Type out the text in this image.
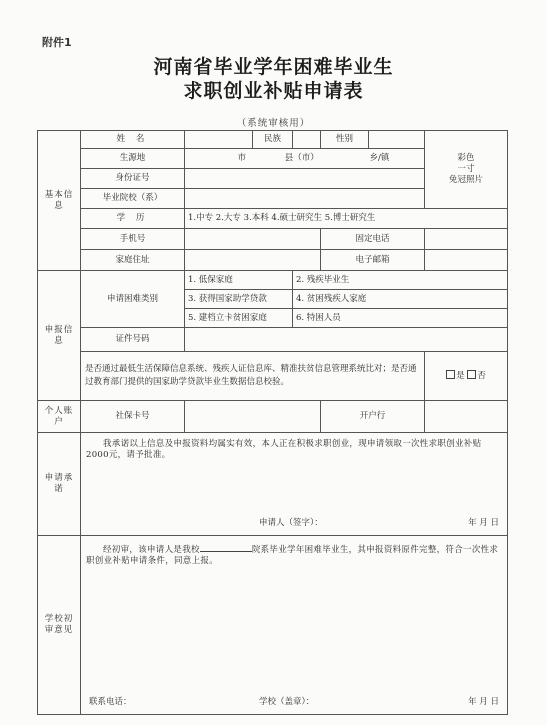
附件1
河南省毕业学年困难毕业生
求职创业补贴申请表
（系统审核用）
基本信息	姓 名		民族		性别		彩色
一寸
免冠照片

	生源地	市 县（市） 乡/镇					
	身份证号						
	毕业院校（系）						
	学 历	1.中专 2.大专 3.本科 4.硕士研究生 5.博士研究生					
	手机号				固定电话		
	家庭住址				电子邮箱		
申报信息	申请困难类别	1. 低保家庭		2. 残疾毕业生			
		3. 获得国家助学贷款		4. 贫困残疾人家庭			
		5. 建档立卡贫困家庭		6. 特困人员			
	证件号码						
	是否通过最低生活保障信息系统、残疾人证信息库、精准扶贫信息管理系统比对；是否通过教育部门提供的国家助学贷款毕业生数据信息校验。						是 否
个人账户	社保卡号				开户行		
申请承诺	我承诺以上信息及申报资料均属实有效，本人正在积极求职创业，现申请领取一次性求职创业补贴2000元，请予批准。
申请人（签字）： 年 月 日						

学校初审意见	经初审，该申请人是我校 院系毕业学年困难毕业生，其申报资料原件完整，符合一次性求职创业补贴申请条件，同意上报。
联系电话： 学校（盖章）： 年 月 日						
